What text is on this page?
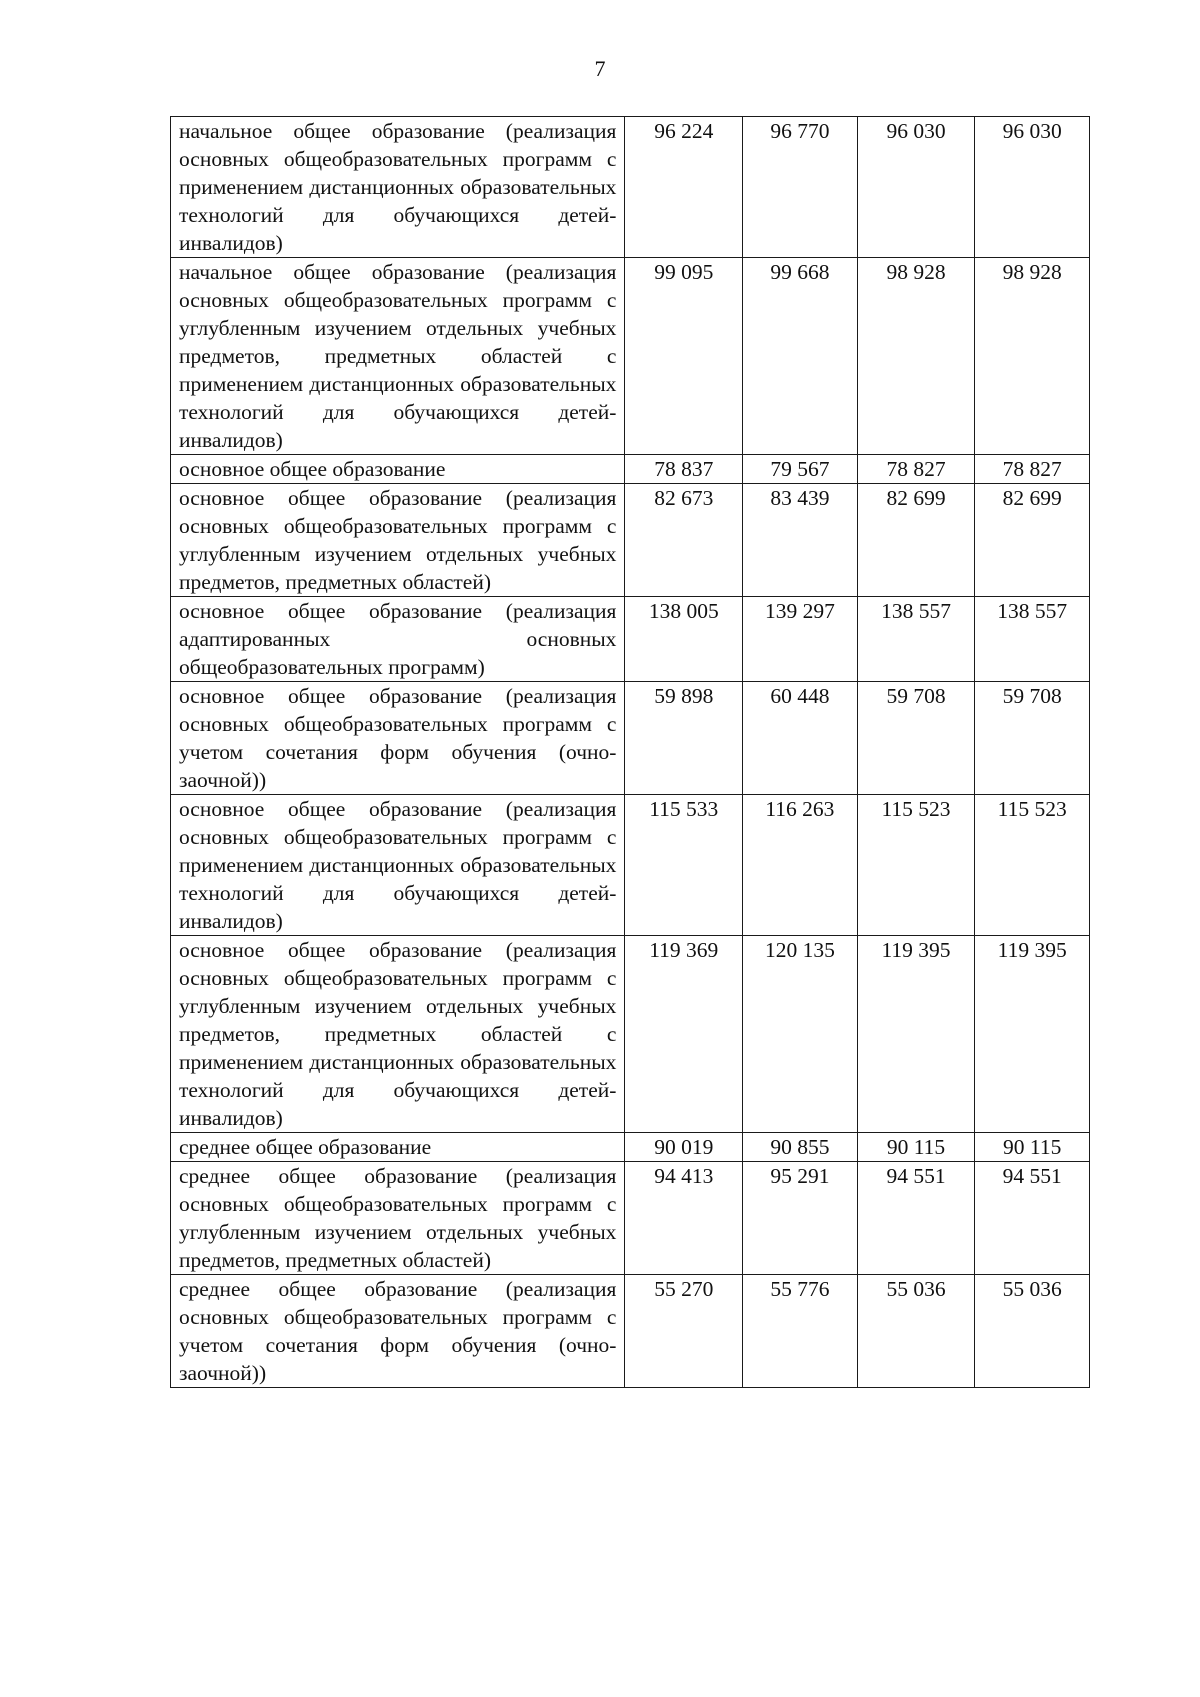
7
начальное общее образование (реализация основных общеобразовательных программ с применением дистанционных образовательных технологий для обучающихся детей-инвалидов)	96 224	96 770	96 030	96 030
начальное общее образование (реализация основных общеобразовательных программ с углубленным изучением отдельных учебных предметов, предметных областей с применением дистанционных образовательных технологий для обучающихся детей-инвалидов)	99 095	99 668	98 928	98 928
основное общее образование	78 837	79 567	78 827	78 827
основное общее образование (реализация основных общеобразовательных программ с углубленным изучением отдельных учебных предметов, предметных областей)	82 673	83 439	82 699	82 699
основное общее образование (реализация адаптированных основных общеобразовательных программ)	138 005	139 297	138 557	138 557
основное общее образование (реализация основных общеобразовательных программ с учетом сочетания форм обучения (очно-заочной))	59 898	60 448	59 708	59 708
основное общее образование (реализация основных общеобразовательных программ с применением дистанционных образовательных технологий для обучающихся детей-инвалидов)	115 533	116 263	115 523	115 523
основное общее образование (реализация основных общеобразовательных программ с углубленным изучением отдельных учебных предметов, предметных областей с применением дистанционных образовательных технологий для обучающихся детей-инвалидов)	119 369	120 135	119 395	119 395
среднее общее образование	90 019	90 855	90 115	90 115
среднее общее образование (реализация основных общеобразовательных программ с углубленным изучением отдельных учебных предметов, предметных областей)	94 413	95 291	94 551	94 551
среднее общее образование (реализация основных общеобразовательных программ с учетом сочетания форм обучения (очно-заочной))	55 270	55 776	55 036	55 036
